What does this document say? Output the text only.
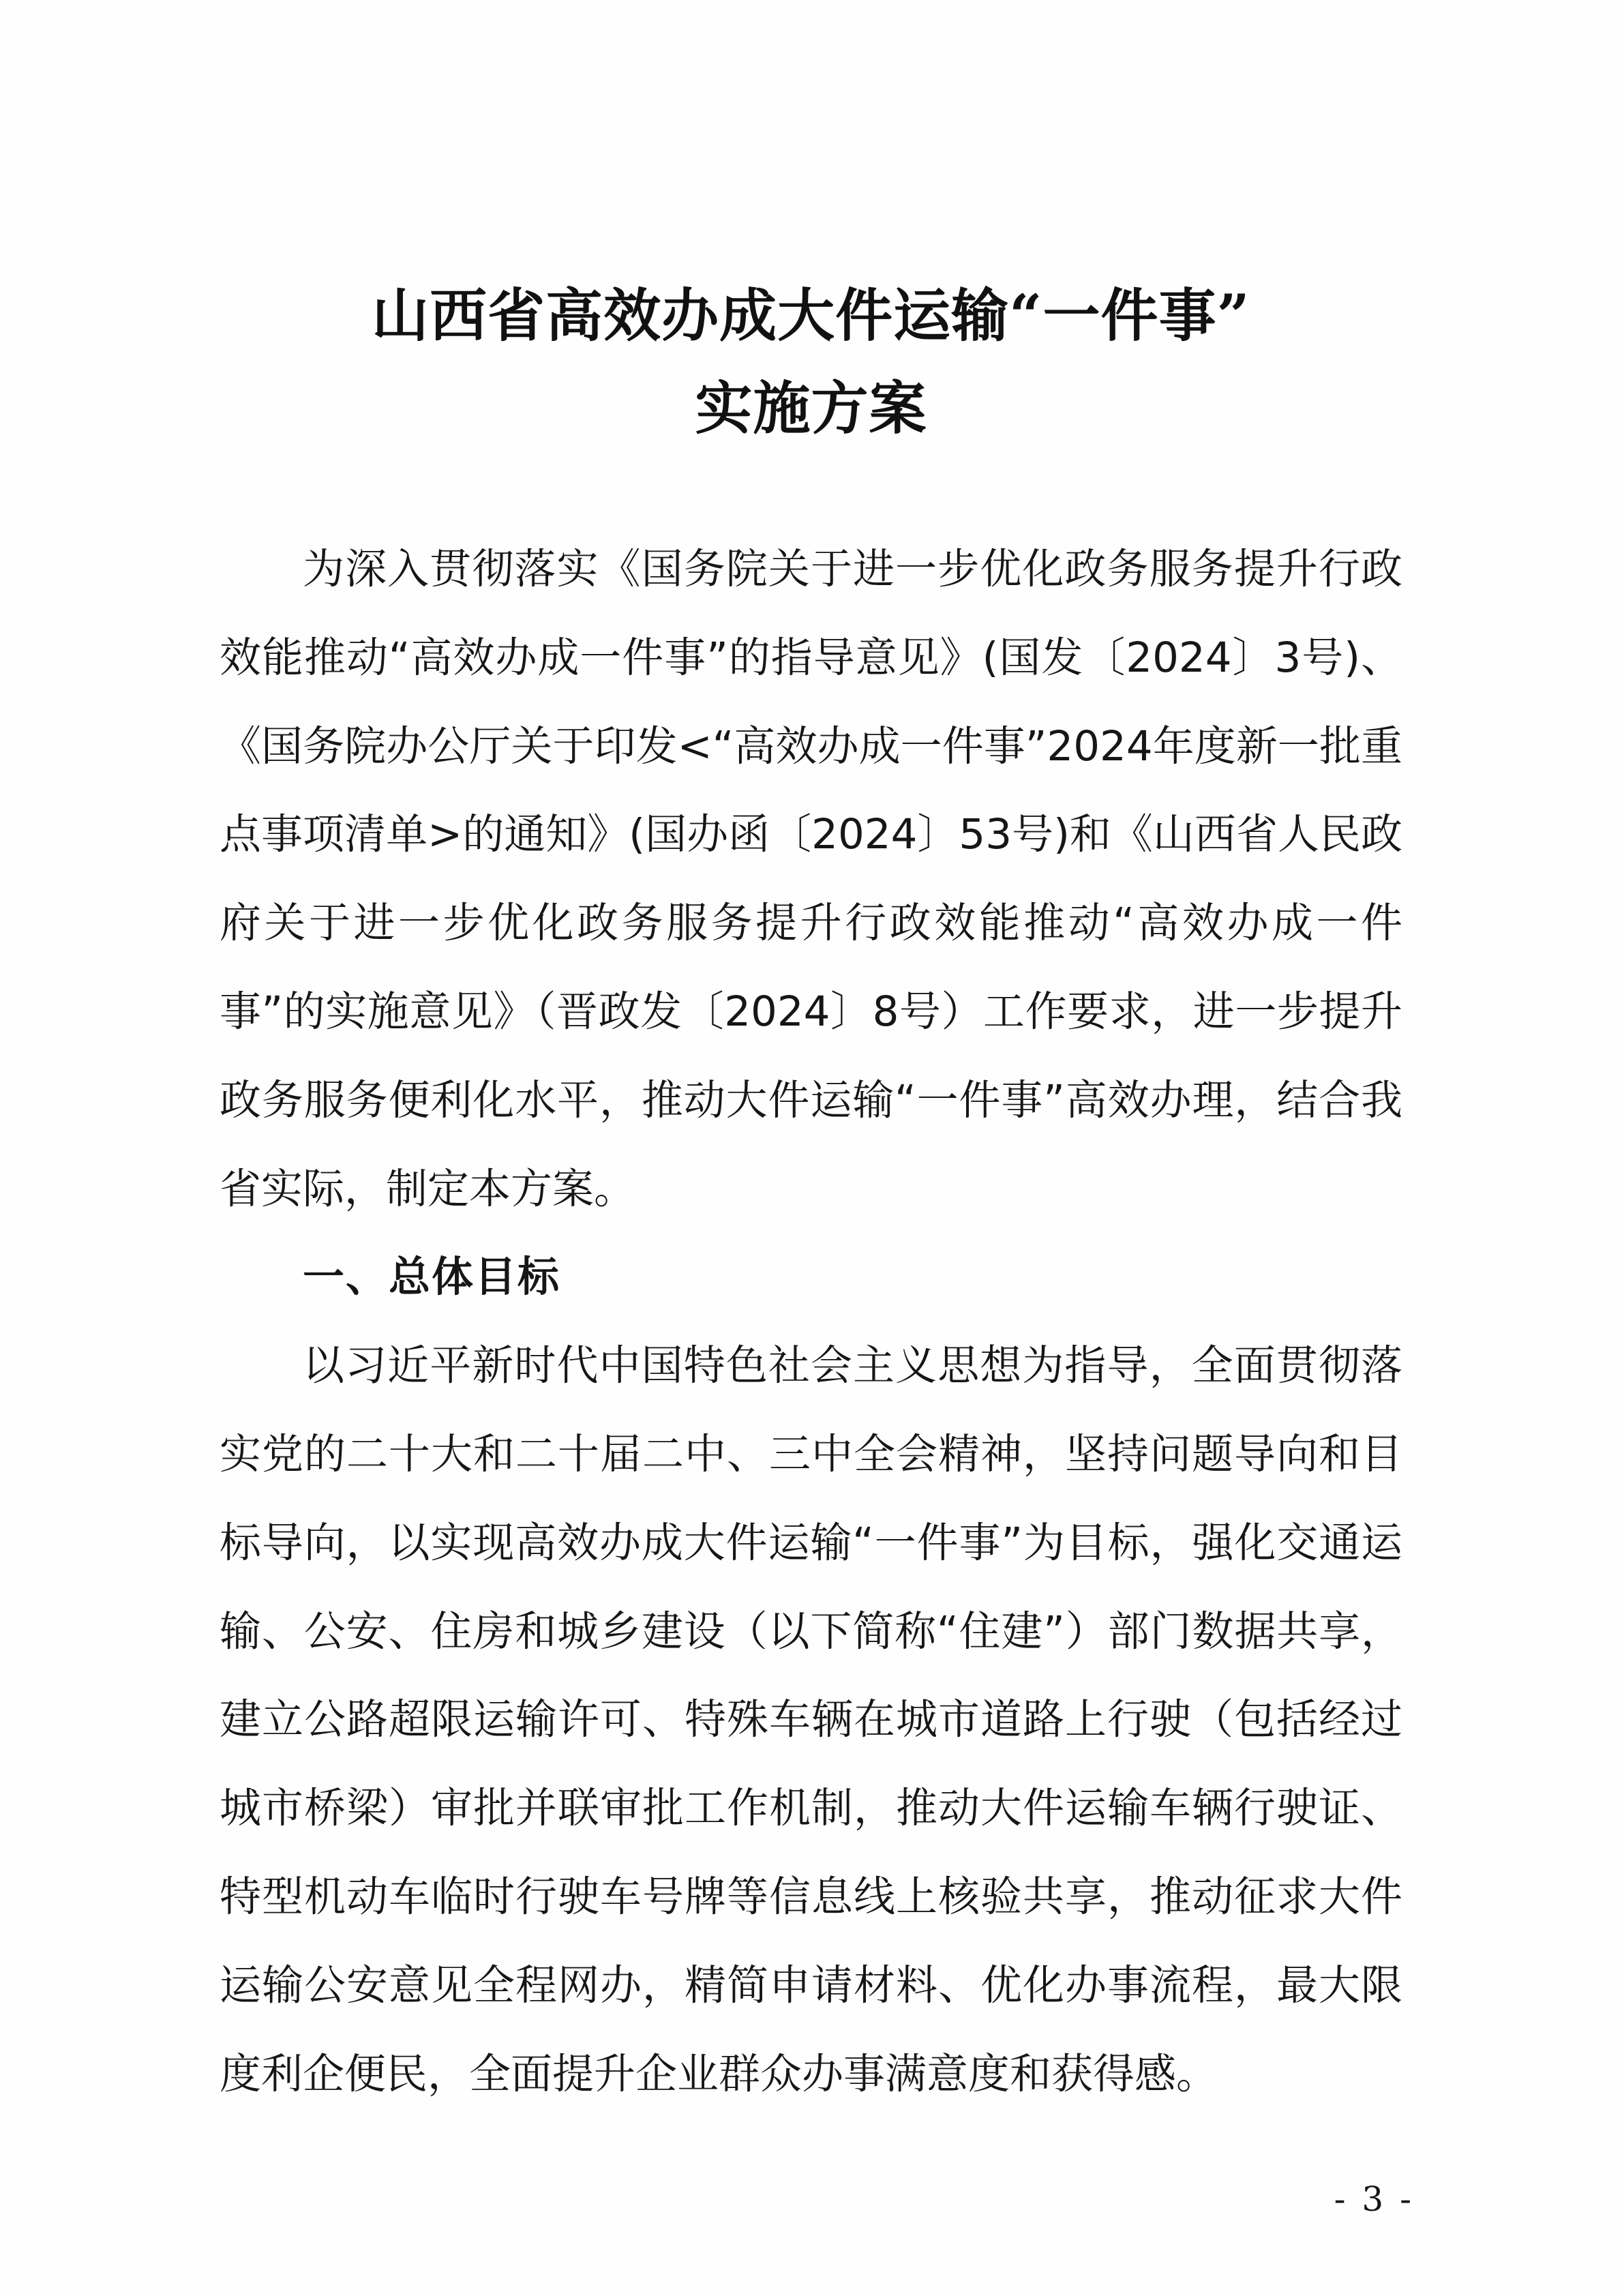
山西省高效办成大件运输“一件事”
实施方案

为深入贯彻落实《国务院关于进一步优化政务服务提升行政效能推动“高效办成一件事”的指导意见》(国发〔2024〕3号)、《国务院办公厅关于印发<“高效办成一件事”2024年度新一批重点事项清单>的通知》(国办函〔2024〕53号)和《山西省人民政府关于进一步优化政务服务提升行政效能推动“高效办成一件事”的实施意见》（晋政发〔2024〕8号）工作要求，进一步提升政务服务便利化水平，推动大件运输“一件事”高效办理，结合我省实际，制定本方案。

一、总体目标

以习近平新时代中国特色社会主义思想为指导，全面贯彻落实党的二十大和二十届二中、三中全会精神，坚持问题导向和目标导向，以实现高效办成大件运输“一件事”为目标，强化交通运输、公安、住房和城乡建设（以下简称“住建”）部门数据共享，建立公路超限运输许可、特殊车辆在城市道路上行驶（包括经过城市桥梁）审批并联审批工作机制，推动大件运输车辆行驶证、特型机动车临时行驶车号牌等信息线上核验共享，推动征求大件运输公安意见全程网办，精简申请材料、优化办事流程，最大限度利企便民，全面提升企业群众办事满意度和获得感。

- 3 -
